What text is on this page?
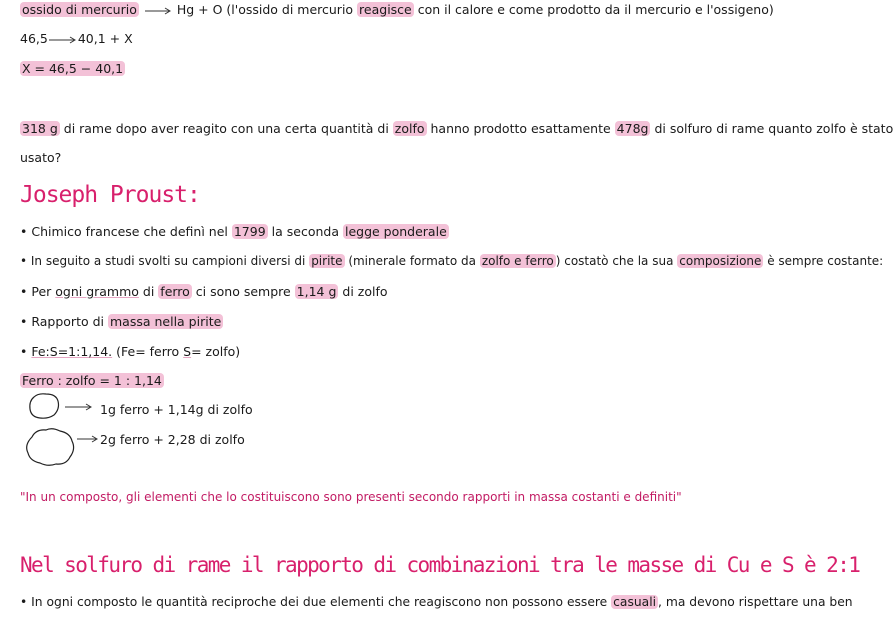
ossido di mercurio	Hg + O (l'ossido di mercurio reagisce con il calore e come prodotto da il mercurio e l'ossigeno)
46,5 40,1 + X
X = 46,5 − 40,1
318 g di rame dopo aver reagito con una certa quantità di zolfo hanno prodotto esattamente 478g di solfuro di rame quanto zolfo è stato
usato?
Joseph Proust:
• Chimico francese che definì nel 1799 la seconda legge ponderale
• In seguito a studi svolti su campioni diversi di pirite (minerale formato da zolfo e ferro ) costatò che la sua composizione è sempre costante:
• Per ogni grammo di ferro ci sono sempre 1,14 g di zolfo
• Rapporto di massa nella pirite
• Fe:S=1:1,14. (Fe= ferro S= zolfo)
Ferro : zolfo = 1 : 1,14
1g ferro + 1,14g di zolfo
2g ferro + 2,28 di zolfo
"In un composto, gli elementi che lo costituiscono sono presenti secondo rapporti in massa costanti e definiti"
Nel solfuro di rame il rapporto di combinazioni tra le masse di Cu e S è 2:1
• In ogni composto le quantità reciproche dei due elementi che reagiscono non possono essere casuali , ma devono rispettare una ben
